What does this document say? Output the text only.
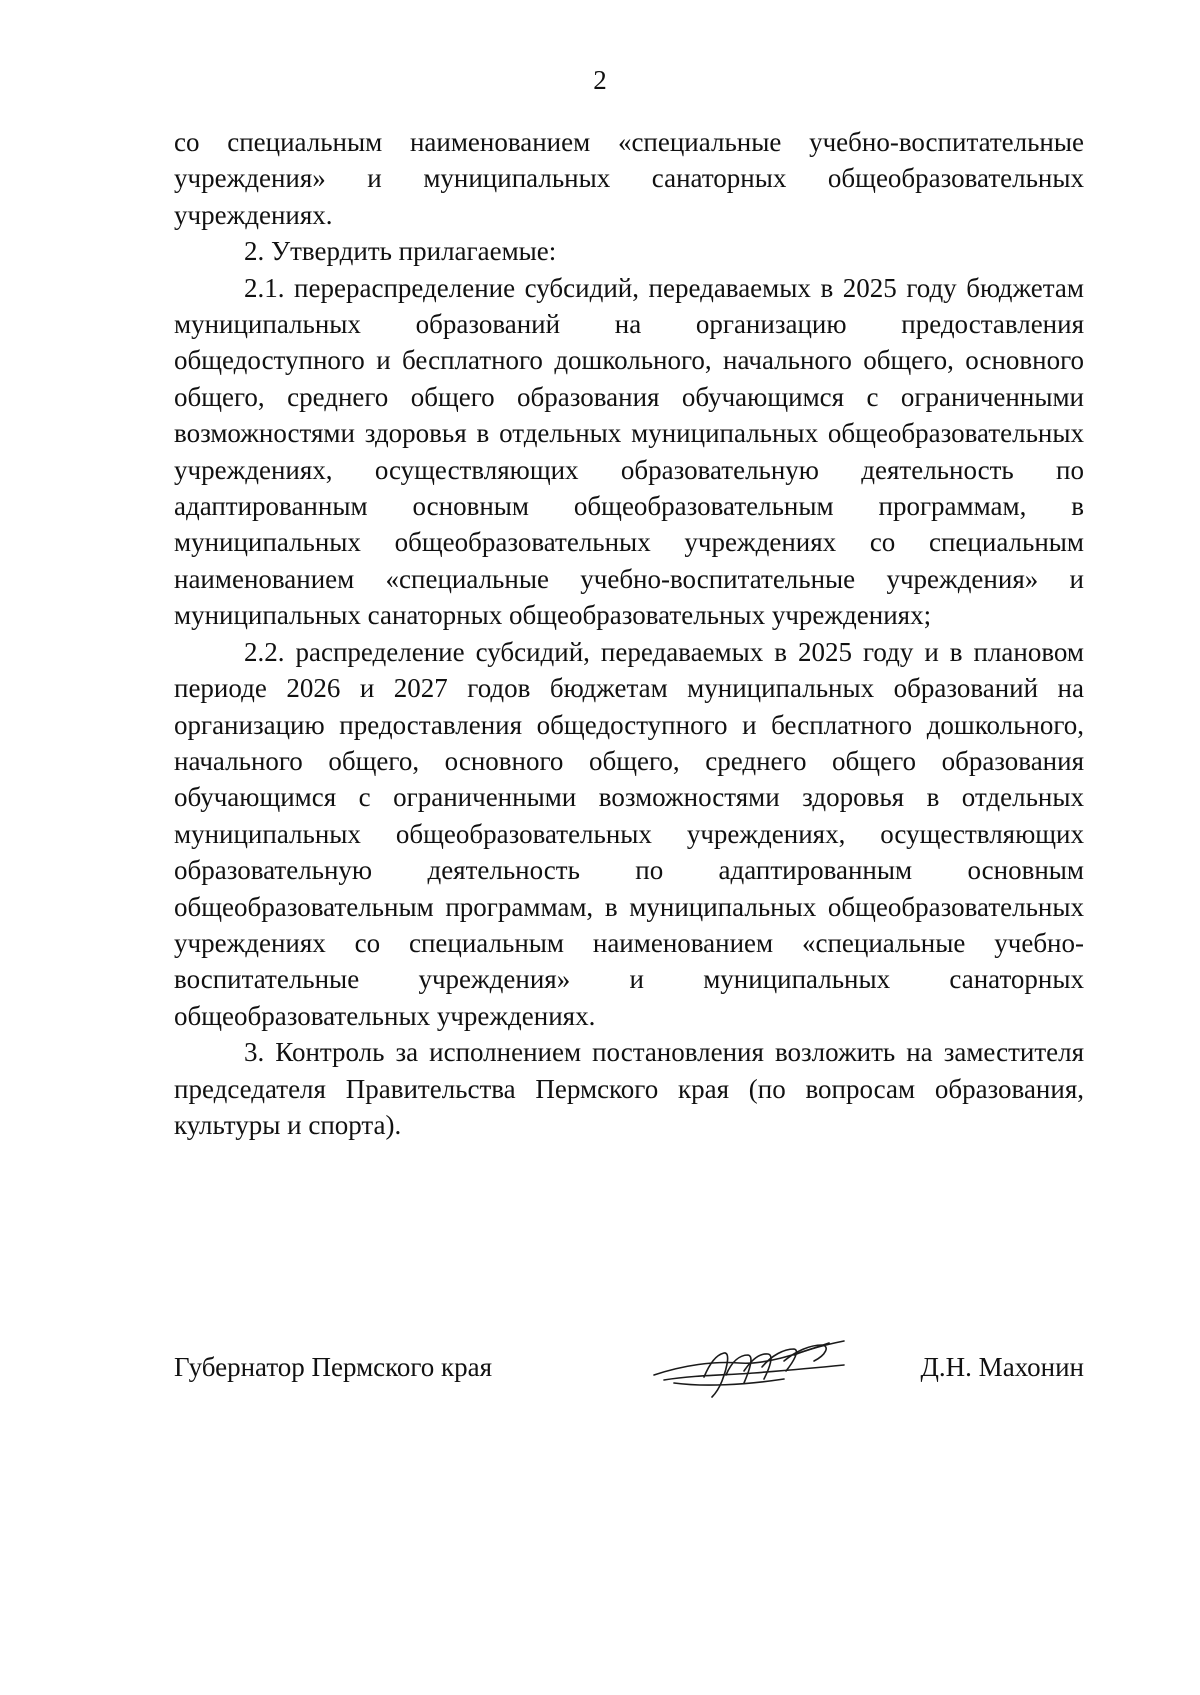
2

со специальным наименованием «специальные учебно-воспитательные учреждения» и муниципальных санаторных общеобразовательных учреждениях.

2. Утвердить прилагаемые:

2.1. перераспределение субсидий, передаваемых в 2025 году бюджетам муниципальных образований на организацию предоставления общедоступного и бесплатного дошкольного, начального общего, основного общего, среднего общего образования обучающимся с ограниченными возможностями здоровья в отдельных муниципальных общеобразовательных учреждениях, осуществляющих образовательную деятельность по адаптированным основным общеобразовательным программам, в муниципальных общеобразовательных учреждениях со специальным наименованием «специальные учебно-воспитательные учреждения» и муниципальных санаторных общеобразовательных учреждениях;

2.2. распределение субсидий, передаваемых в 2025 году и в плановом периоде 2026 и 2027 годов бюджетам муниципальных образований на организацию предоставления общедоступного и бесплатного дошкольного, начального общего, основного общего, среднего общего образования обучающимся с ограниченными возможностями здоровья в отдельных муниципальных общеобразовательных учреждениях, осуществляющих образовательную деятельность по адаптированным основным общеобразовательным программам, в муниципальных общеобразовательных учреждениях со специальным наименованием «специальные учебно-воспитательные учреждения» и муниципальных санаторных общеобразовательных учреждениях.

3. Контроль за исполнением постановления возложить на заместителя председателя Правительства Пермского края (по вопросам образования, культуры и спорта).

Губернатор Пермского края	Д.Н. Махонин
